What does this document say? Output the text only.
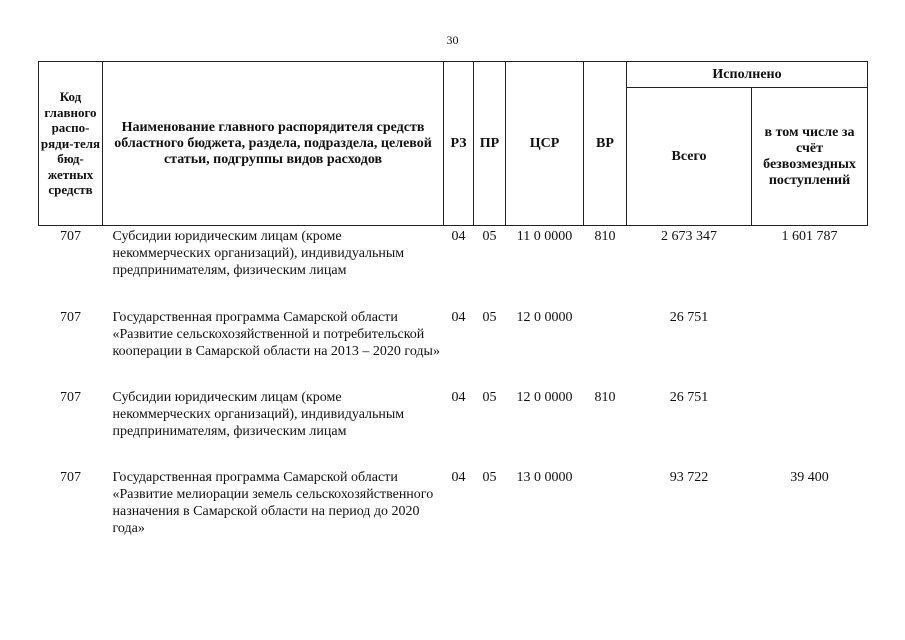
30
Код главного распо-ряди-теля бюд-жетных средств	Наименование главного распорядителя средств областного бюджета, раздела, подраздела, целевой статьи, подгруппы видов расходов	РЗ	ПР	ЦСР	ВР	Исполнено	
						Всего	в том числе за счёт безвозмездных поступлений
707	Субсидии юридическим лицам (кроме некоммерческих организаций), индивидуальным предпринимателям, физическим лицам	04	05	11 0 0000	810	2 673 347	1 601 787
707	Государственная программа Самарской области «Развитие сельскохозяйственной и потребительской кооперации в Самарской области на 2013 – 2020 годы»	04	05	12 0 0000		26 751	
707	Субсидии юридическим лицам (кроме некоммерческих организаций), индивидуальным предпринимателям, физическим лицам	04	05	12 0 0000	810	26 751	
707	Государственная программа Самарской области «Развитие мелиорации земель сельскохозяйственного назначения в Самарской области на период до 2020 года»	04	05	13 0 0000		93 722	39 400
